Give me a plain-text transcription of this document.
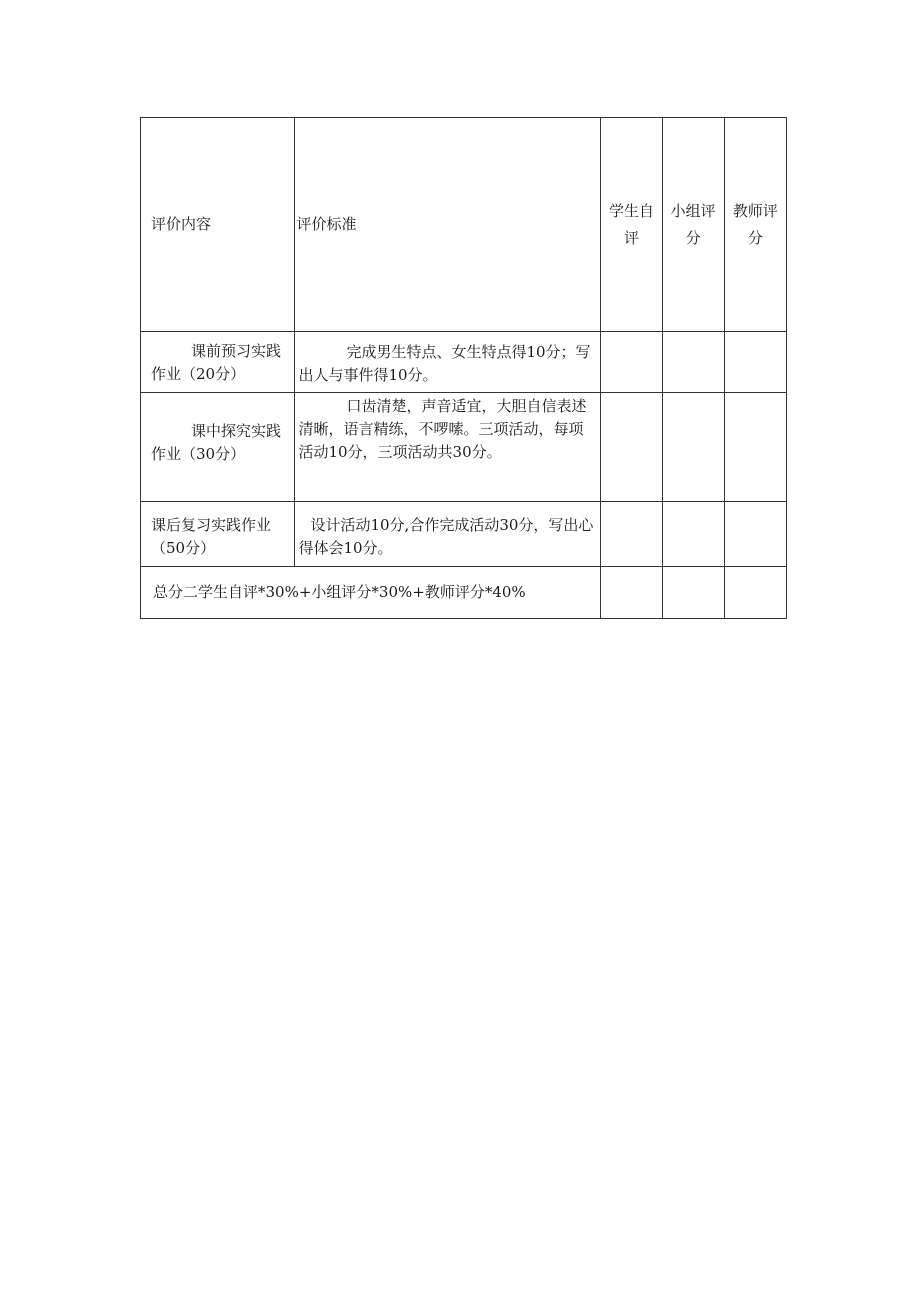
评价内容	评价标准	学生自评	小组评分	教师评分
课前预习实践作业（20分）	完成男生特点、女生特点得10分；写出人与事件得10分。			
课中探究实践作业（30分）	口齿清楚，声音适宜，大胆自信表述清晰，语言精练，不啰嗦。三项活动，每项活动10分，三项活动共30分。			
课后复习实践作业（50分）	设计活动10分,合作完成活动30分，写出心得体会10分。			
总分二学生自评*30%+小组评分*30%+教师评分*40%				
